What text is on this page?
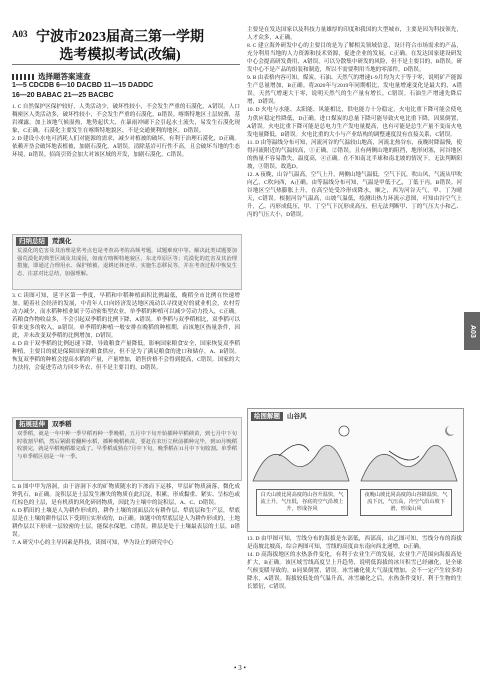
A03 宁波市2023届高三第一学期
选考模拟考试(改编)
选择题答案速查
1—5 CDCDB 6—10 DACBD 11—15 DADDC
16—20 BABAC 21—25 BACBC

1. C 自然保护区保护较好，人类活动少，破坏性较小，不会发生严重的石漠化，A错误。人口稠密区人类活动多，破坏性较小，不会发生严重的石漠化，B错误。喀斯特地区土层较薄，基岩裸露，加上该地气候湿热，地势起伏大，在暴雨冲刷下会引起水土流失，易发生石漠化现象，C正确。石漠化主要发生在喀斯特地貌区，不是交通便利的地区，D错误。

2. D 建设小水电可消耗人们对能源的需求，减少对植被的破坏，有利于治理石漠化，D正确。依赖开垦会破坏地表植被，加剧石漠化，A错误。清除基岩可行性不高，且会破坏当地的生态环境，B错误。招商引资会加大对该区域的开发，加剧石漠化，C错误。

归纳总结 荒漠化
荒漠化的危害及其治理是常考点也是考查高考的高频考题，试题难度中等。解决此类试题要加强荒漠化的典型区域及其成因，如南方喀斯特地貌区、东北草原区等；荒漠化的危害及其治理措施，即通过合理用水、保护植被、退耕还林还草、实施生态移民等，并在考查过程中恢复生态，注意对比总结，加强理解。

3. C 读图可知，延平区第一季度，早稻和中稻种植面积比例最低，晚稻全市比例在快速增加。随着社会经济的发展，中青年人口向经济发达地区流动以寻找更好的就业机会，农村劳动力减少，而水稻种植业属于劳动密集型农业，单季稻的种植可以减少劳动力投入，C正确。若粮食作物收益多，不会引起双季稻的比例下降，A错误。单季稻与双季稻相比，双季稻可以带来更多的收入，B错误。单季稻的种植一般安排在晚稻的种植期，而该地区热量条件，因此，并未改变双季稻的比例增加，D错误。

4. D 由于双季稻的比例迅速下降，导致粮食产量降低，影响国家粮食安全，国家恢复双季稻种植，主要目的就是保障国家的粮食供应，但不是为了满足粮食的进口和储存，A、B错误。恢复双季稻的种植会提高水稻的产量，产量增加，销售价格不会得到提高，C错误。国家的大力扶持，会促进劳动力回乡务农，但不是主要目的，D错误。

拓展延伸 双季稻
双季稻，就是一年中种一季早稻再种一季晚稻，五月中下旬开始插种早稻秧苗，到七月中下旬时收割早稻，然后紧跟着翻种水稻，插种晚稻秧苗，要赶在农历立秋前插种完毕，到10月晚稻收割完，就是早稻晚稻都完成了。早季稻成熟在7月中下旬，晚季稻在11月中下旬收割。单季稻与单季稻区别是一年一季。

5. B 图中甲为溶洞，由于溶洞下水的矿物质随水的下渗而下运移，甲层矿物质滴落，微化成钟乳石，B正确。淀积层是土层发生淋失的物质在此沉淀，积累，形成黏重、紧实、呈棕色或红棕色的土层，是有机质的风化碎屑物质，因此为土壤中的淀积层，A、C、D错误。

6. D 稻田的土壤是人为耕作形成的，耕作土壤的剖面层次有耕作层、犁底层和生产层，犁底层是在土壤的耕作层以下受到压实形成的，D正确。该题中的犁底层是人为耕作形成的，土地耕作层以下形成一层较密的土层，能保水保肥，C错误。耕层是处于土壤最表层的土层，B错误。

7. A 研究中心的主导因素是科技，读图可知，华为设立的研究中心

主要是在发达国家以及科技力量雄厚的印度和我国的大型城市，主要是因为科技领先，人才众多，A正确。

8. C 建立海外研发中心的主要目的是为了解相关领域信息，设计符合市场需求的产品，充分利用当地的人力资源和技术资源，促进企业的发展，C正确。在发达国家建设研发中心会提高研发费用，A错误。可以分散集中研发的风险，但不是主要目的，B错误。研发中心不是产品的组装和制造，所以不需要利用当地的零部件，D错误。

9. B 由表格内容可知，煤炭、石油、天然气的增速1-9月均为大于等于零，说明矿产能源生产总量增加，B正确。将2020年与2019年同期相比，发电量增速变化是最大的，A错误。天然气增速大于零，说明天然气的生产量有增长，C错误。石油生产增速先降后增，D错误。

10. D 火电与水能、太阳能、风能相比，供电能力十分稳定，火电比重下降可能会使电力供应稳定性降低，D正确。进口煤炭的总量下降可能导致火电比重下降，因果倒置，A错误。火电比重下降可能是总电力生产发电量提高，也有可能是总生产量不变而火电发电量降低，B错误。火电比重的大小与产业结构的调整速度没有直接关系，C错误。

11. D 由等温线分布可知，河流河谷的气温较山地高，河流北热谷东，夜晚时降温慢，使得河流附近的气温较高，①正确。②错误。且有两侧山地的阻挡，地形闭塞，河谷地区的热量不容易散失，温度高，④正确。在不知南北半球和南北坡的情况下，无法判断阳坡，③错误。故选D。

12. A 夜晚，山谷气温高，空气上升，两侧山地气温低，空气下沉，吹山风，气流从甲吹向乙，C吹向西，A正确。由等温线分布可知，气温是甲低于乙，丁低于丙，B错误。河谷地区空气热膨胀上升，在高空处受冷形成降水，顺之，西为河谷天气，甲、丁为晴天，C错误。根据河谷气温高，山坡气温低，绘测出热力环流示意图，可知由谷空气上升，乙、丙形成低压，甲、丁空气下沉形成高压，但无法判断甲、丁的气压大小和乙、丙的气压大小，D错误。

绘图解题 山谷风
白天山坡比同高度的山谷升温快，气流上升，气压低，谷底的空气沿坡上升，形成谷风
夜晚山坡比同高度的山谷降温快，气流下沉，气压高，冷空气沿山坡下滑，形成山风

13. D 由甲图可知，雪线分布的海拔是东部低，西部高，由乙图可知，雪线分布的海拔是南坡北坡高，综合两图可知，雪线的高度由东南向西北递增，D正确。

14. D 高海拔地区的水热条件变化，有利于农业生产的发展，农业生产范围向海拔高处扩大，B正确。该区域雪线高度呈上升趋势，说明低海拔的冰川积雪已经融化，是全球气候变暖导致的，B同果倒置，错误。冰雪融化使大气湿度增加，会不一定产生较多的降水，A错误。海拔较低处的气温升高，冰雪融化之后，水热条件变好，利于生物的生长繁衍，C错误。

A03
• 3 •
